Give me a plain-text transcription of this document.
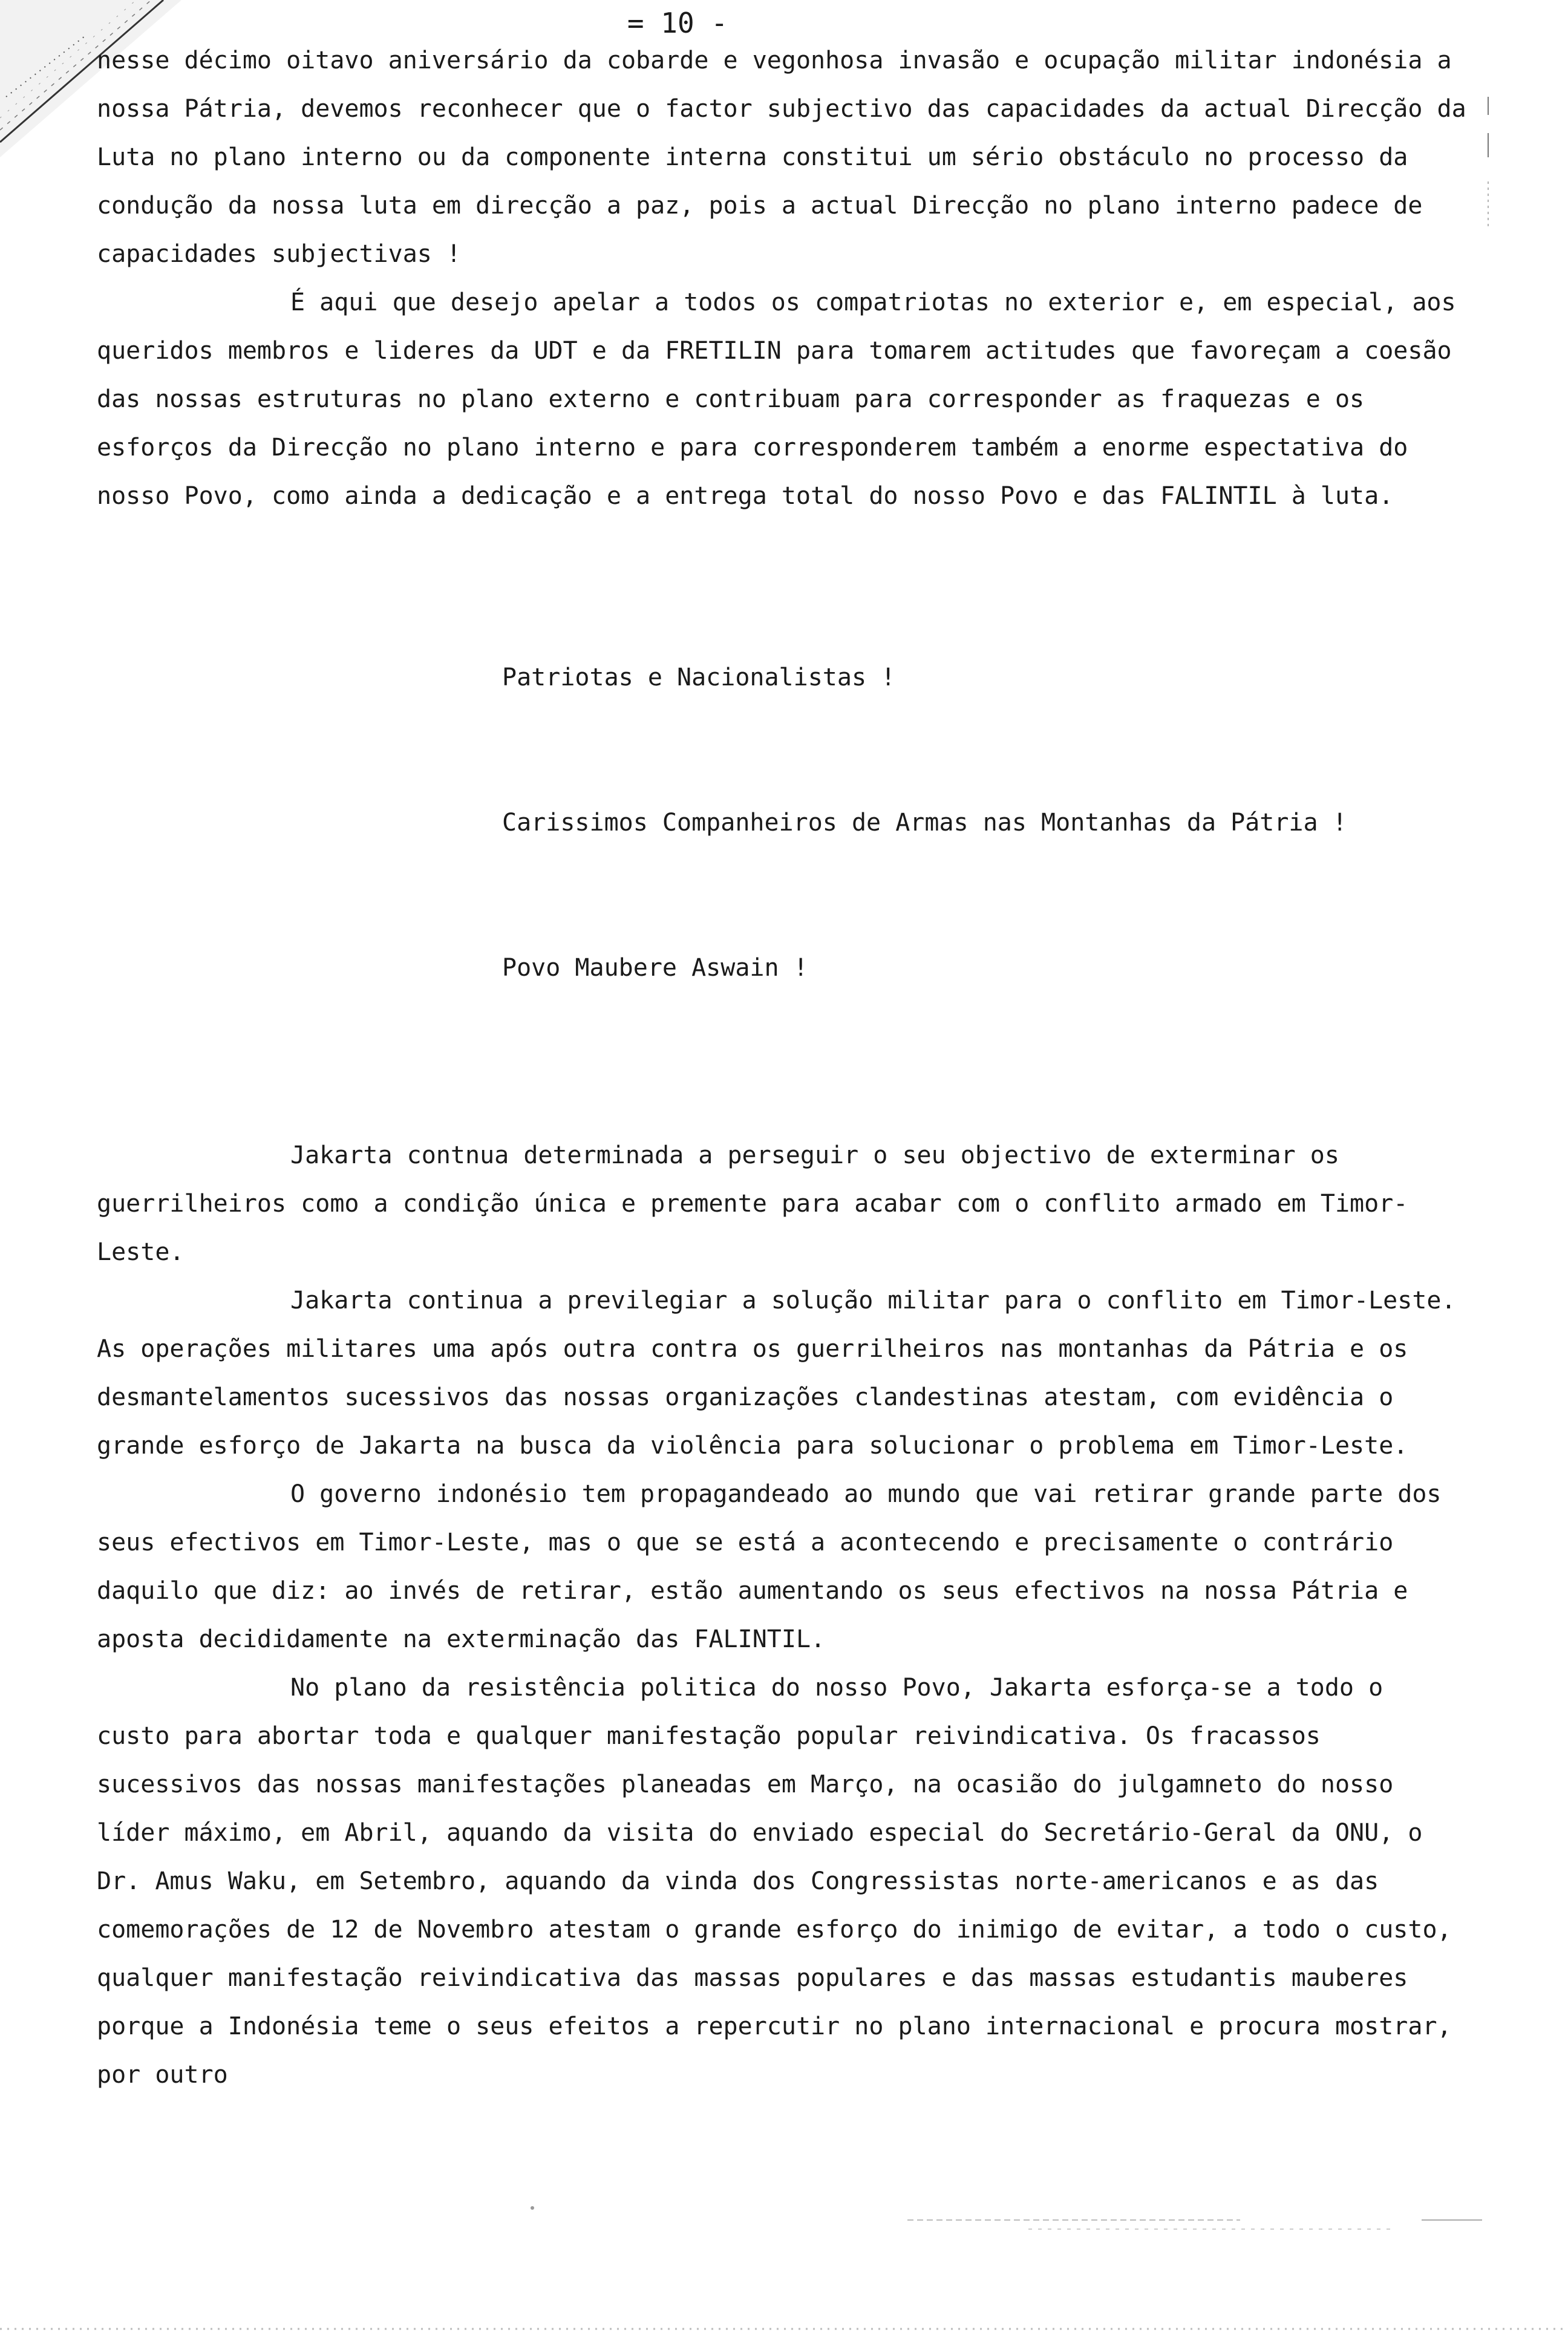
= 10 -

nesse décimo oitavo aniversário da cobarde e vegonhosa invasão e ocupação militar indonésia a nossa Pátria, devemos reconhecer que o factor subjectivo das capacidades da actual Direcção da Luta no plano interno ou da componente interna constitui um sério obstáculo no processo da condução da nossa luta em direcção a paz, pois a actual Direcção no plano interno padece de capacidades subjectivas !

É aqui que desejo apelar a todos os compatriotas no exterior e, em especial, aos queridos membros e lideres da UDT e da FRETILIN para tomarem actitudes que favoreçam a coesão das nossas estruturas no plano externo e contribuam para corresponder as fraquezas e os esforços da Direcção no plano interno e para corresponderem também a enorme espectativa do nosso Povo, como ainda a dedicação e a entrega total do nosso Povo e das FALINTIL à luta.

Patriotas e Nacionalistas !

Carissimos Companheiros de Armas nas Montanhas da Pátria !

Povo Maubere Aswain !

Jakarta contnua determinada a perseguir o seu objectivo de exterminar os guerrilheiros como a condição única e premente para acabar com o conflito armado em Timor-Leste.

Jakarta continua a previlegiar a solução militar para o conflito em Timor-Leste. As operações militares uma após outra contra os guerrilheiros nas montanhas da Pátria e os desmantelamentos sucessivos das nossas organizações clandestinas atestam, com evidência o grande esforço de Jakarta na busca da violência para solucionar o problema em Timor-Leste.

O governo indonésio tem propagandeado ao mundo que vai retirar grande parte dos seus efectivos em Timor-Leste, mas o que se está a acontecendo e precisamente o contrário daquilo que diz: ao invés de retirar, estão aumentando os seus efectivos na nossa Pátria e aposta decididamente na exterminação das FALINTIL.

No plano da resistência politica do nosso Povo, Jakarta esforça-se a todo o custo para abortar toda e qualquer manifestação popular reivindicativa. Os fracassos sucessivos das nossas manifestações planeadas em Março, na ocasião do julgamneto do nosso líder máximo, em Abril, aquando da visita do enviado especial do Secretário-Geral da ONU, o Dr. Amus Waku, em Setembro, aquando da vinda dos Congressistas norte-americanos e as das comemorações de 12 de Novembro atestam o grande esforço do inimigo de evitar, a todo o custo, qualquer manifestação reivindicativa das massas populares e das massas estudantis mauberes porque a Indonésia teme o seus efeitos a repercutir no plano internacional e procura mostrar, por outro
